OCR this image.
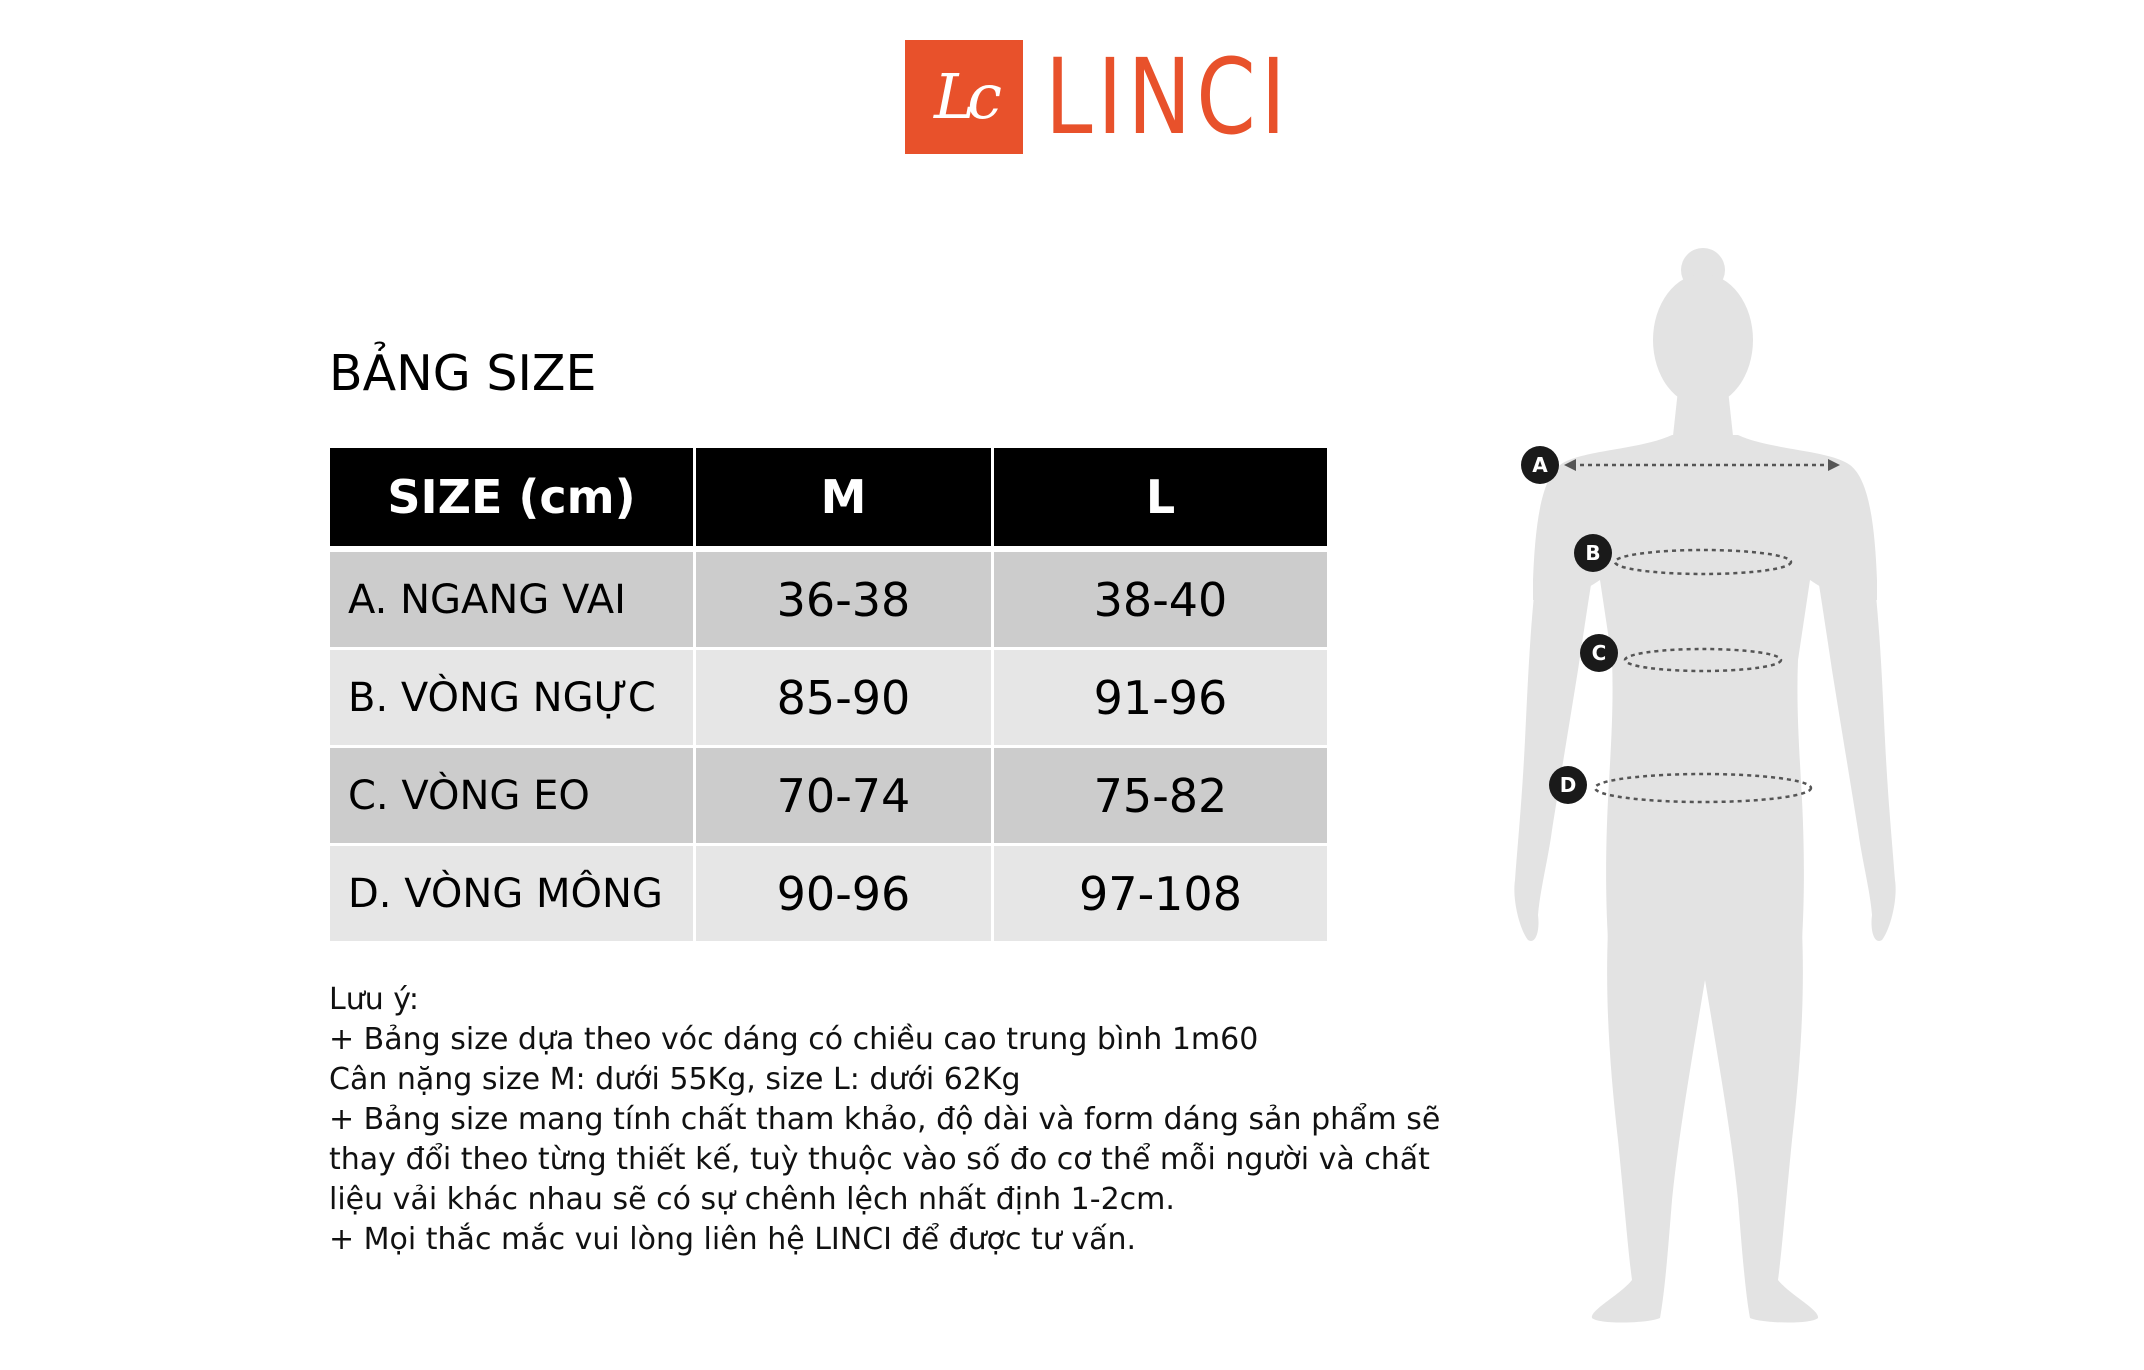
Lc LINCI
BẢNG SIZE
SIZE (cm)	M	L
A. NGANG VAI	36-38	38-40
B. VÒNG NGỰC	85-90	91-96
C. VÒNG EO	70-74	75-82
D. VÒNG MÔNG	90-96	97-108
Lưu ý:
+ Bảng size dựa theo vóc dáng có chiều cao trung bình 1m60
Cân nặng size M: dưới 55Kg, size L: dưới 62Kg
+ Bảng size mang tính chất tham khảo, độ dài và form dáng sản phẩm sẽ
thay đổi theo từng thiết kế, tuỳ thuộc vào số đo cơ thể mỗi người và chất
liệu vải khác nhau sẽ có sự chênh lệch nhất định 1-2cm.
+ Mọi thắc mắc vui lòng liên hệ LINCI để được tư vấn.
A
B
C
D
